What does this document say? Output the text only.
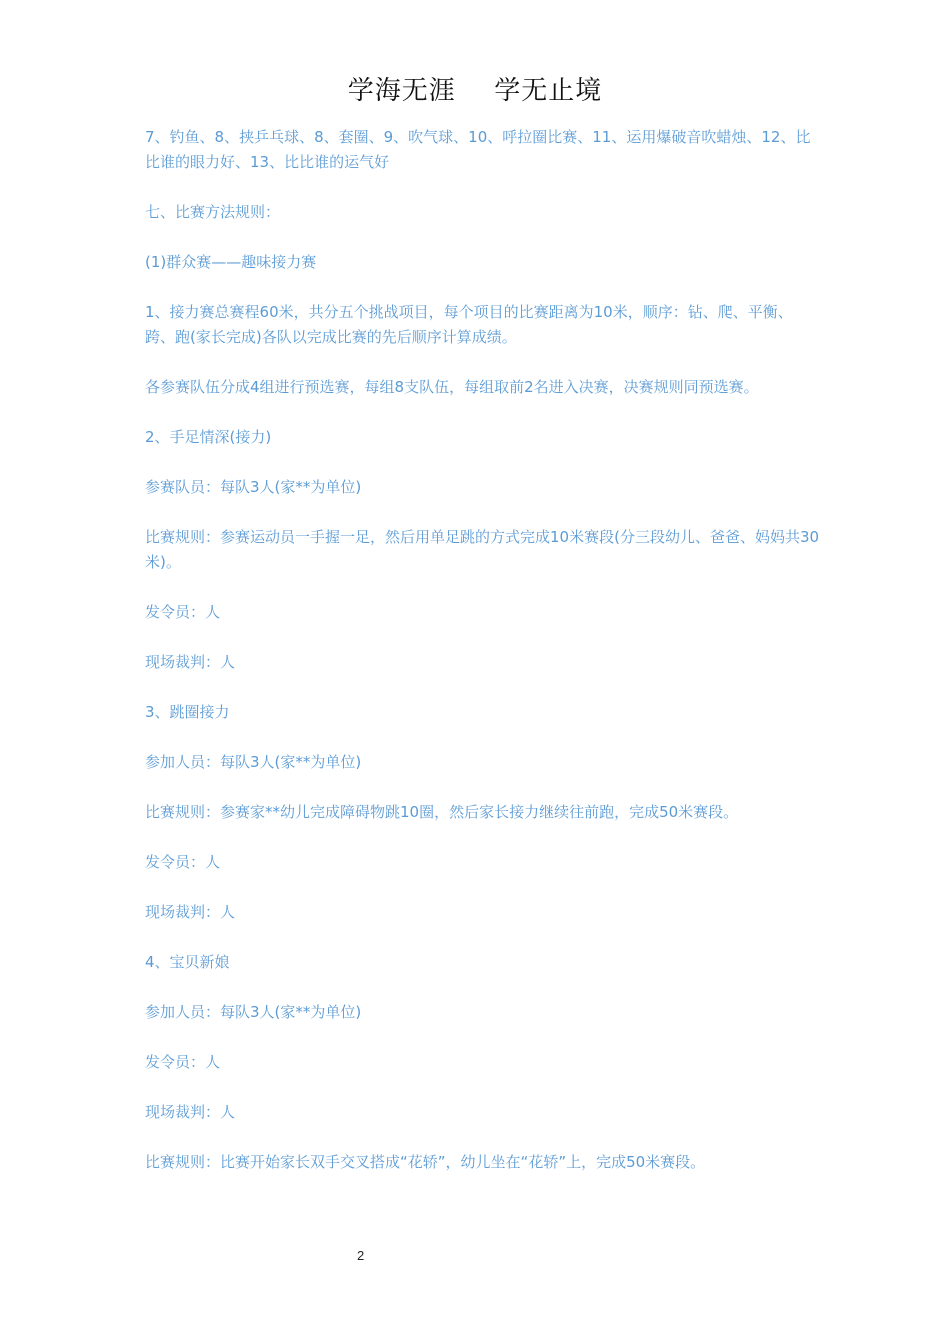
学海无涯  学无止境

7、钓鱼、8、挟乒乓球、8、套圈、9、吹气球、10、呼拉圈比赛、11、运用爆破音吹蜡烛、12、比比谁的眼力好、13、比比谁的运气好

七、比赛方法规则：

(1)群众赛——趣味接力赛

1、接力赛总赛程60米，共分五个挑战项目，每个项目的比赛距离为10米，顺序：钻、爬、平衡、跨、跑(家长完成)各队以完成比赛的先后顺序计算成绩。

各参赛队伍分成4组进行预选赛，每组8支队伍，每组取前2名进入决赛，决赛规则同预选赛。

2、手足情深(接力)

参赛队员：每队3人(家**为单位)

比赛规则：参赛运动员一手握一足，然后用单足跳的方式完成10米赛段(分三段幼儿、爸爸、妈妈共30米)。

发令员：人

现场裁判：人

3、跳圈接力

参加人员：每队3人(家**为单位)

比赛规则：参赛家**幼儿完成障碍物跳10圈，然后家长接力继续往前跑，完成50米赛段。

发令员：人

现场裁判：人

4、宝贝新娘

参加人员：每队3人(家**为单位)

发令员：人

现场裁判：人

比赛规则：比赛开始家长双手交叉搭成“花轿”，幼儿坐在“花轿”上，完成50米赛段。

2
